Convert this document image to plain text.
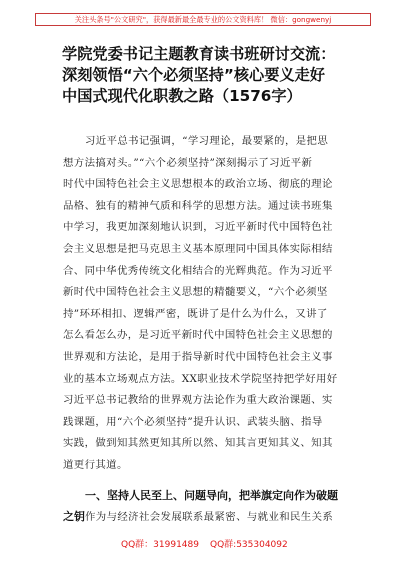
关注头条号"公文研究"，获得最新最全最专业的公文资料库！ 微信：gongwenyj
学院党委书记主题教育读书班研讨交流：
深刻领悟“六个必须坚持”核心要义走好
中国式现代化职教之路（1576字）
习近平总书记强调，“学习理论，最要紧的，是把思
想方法搞对头。”“六个必须坚持”深刻揭示了习近平新
时代中国特色社会主义思想根本的政治立场、彻底的理论
品格、独有的精神气质和科学的思想方法。通过读书班集
中学习，我更加深刻地认识到，习近平新时代中国特色社
会主义思想是把马克思主义基本原理同中国具体实际相结
合、同中华优秀传统文化相结合的光辉典范。作为习近平
新时代中国特色社会主义思想的精髓要义，“六个必须坚
持”环环相扣、逻辑严密，既讲了是什么为什么，又讲了
怎么看怎么办，是习近平新时代中国特色社会主义思想的
世界观和方法论，是用于指导新时代中国特色社会主义事
业的基本立场观点方法。XX职业技术学院坚持把学好用好
习近平总书记教给的世界观方法论作为重大政治课题、实
践课题，用“六个必须坚持”提升认识、武装头脑、指导
实践，做到知其然更知其所以然、知其言更知其义、知其
道更行其道。
一、坚持人民至上、问题导向，把举旗定向作为破题
之钥 作为与经济社会发展联系最紧密、与就业和民生关系
QQ群：31991489 QQ群:535304092
